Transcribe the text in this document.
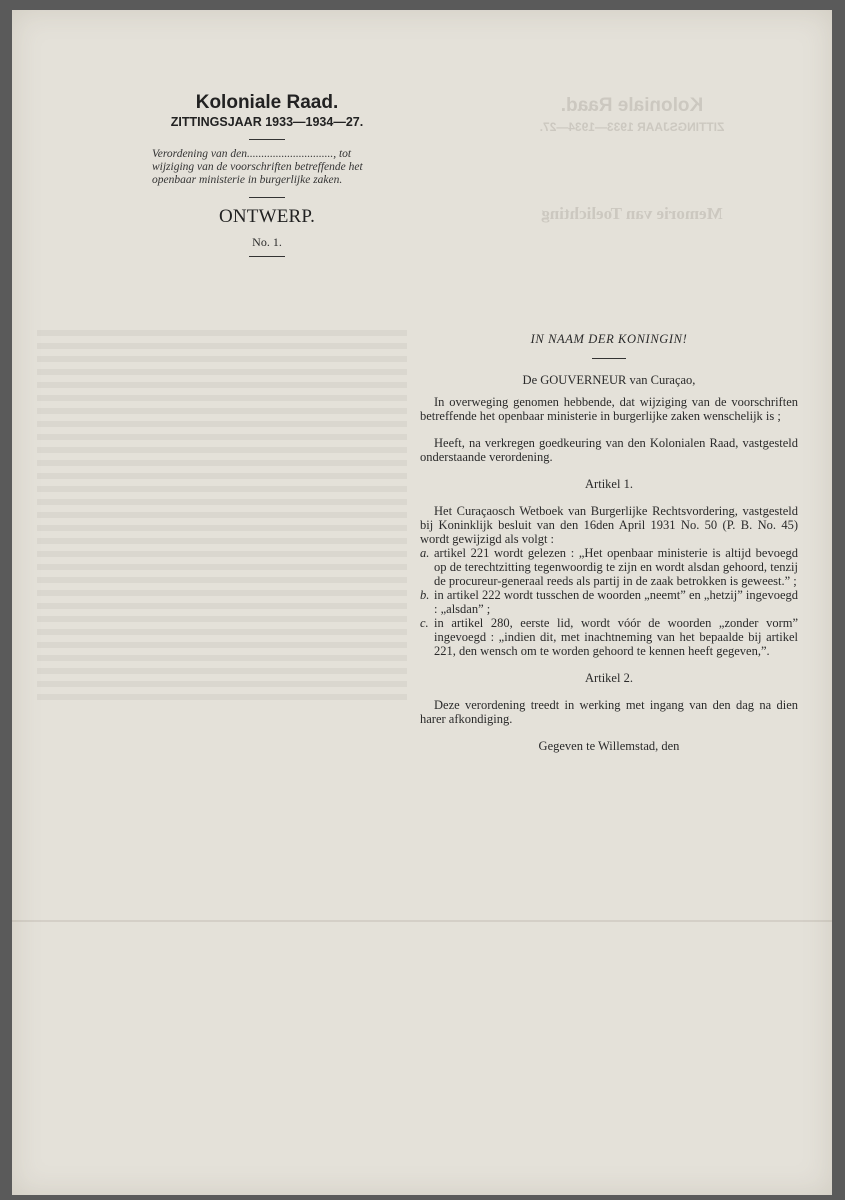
Koloniale Raad.
ZITTINGSJAAR 1933—1934—27.
Memorie van Toelichting
Koloniale Raad.
ZITTINGSJAAR 1933—1934—27.
Verordening van den.............................., tot wijziging van de voorschriften betreffende het openbaar ministerie in burgerlijke zaken.
ONTWERP.
No. 1.
IN NAAM DER KONINGIN!
De GOUVERNEUR van Curaçao,
In overweging genomen hebbende, dat wijziging van de voorschriften betreffende het openbaar ministerie in burgerlijke zaken wenschelijk is ;
Heeft, na verkregen goedkeuring van den Kolonialen Raad, vastgesteld onderstaande verordening.
Artikel 1.
Het Curaçaosch Wetboek van Burgerlijke Rechtsvordering, vastgesteld bij Koninklijk besluit van den 16den April 1931 No. 50 (P. B. No. 45) wordt gewijzigd als volgt :
a. artikel 221 wordt gelezen : „Het openbaar ministerie is altijd bevoegd op de terechtzitting tegenwoordig te zijn en wordt alsdan gehoord, tenzij de procureur-generaal reeds als partij in de zaak betrokken is geweest.” ;
b. in artikel 222 wordt tusschen de woorden „neemt” en „hetzij” ingevoegd : „alsdan” ;
c. in artikel 280, eerste lid, wordt vóór de woorden „zonder vorm” ingevoegd : „indien dit, met inachtneming van het bepaalde bij artikel 221, den wensch om te worden gehoord te kennen heeft gegeven,”.
Artikel 2.
Deze verordening treedt in werking met ingang van den dag na dien harer afkondiging.
Gegeven te Willemstad, den
